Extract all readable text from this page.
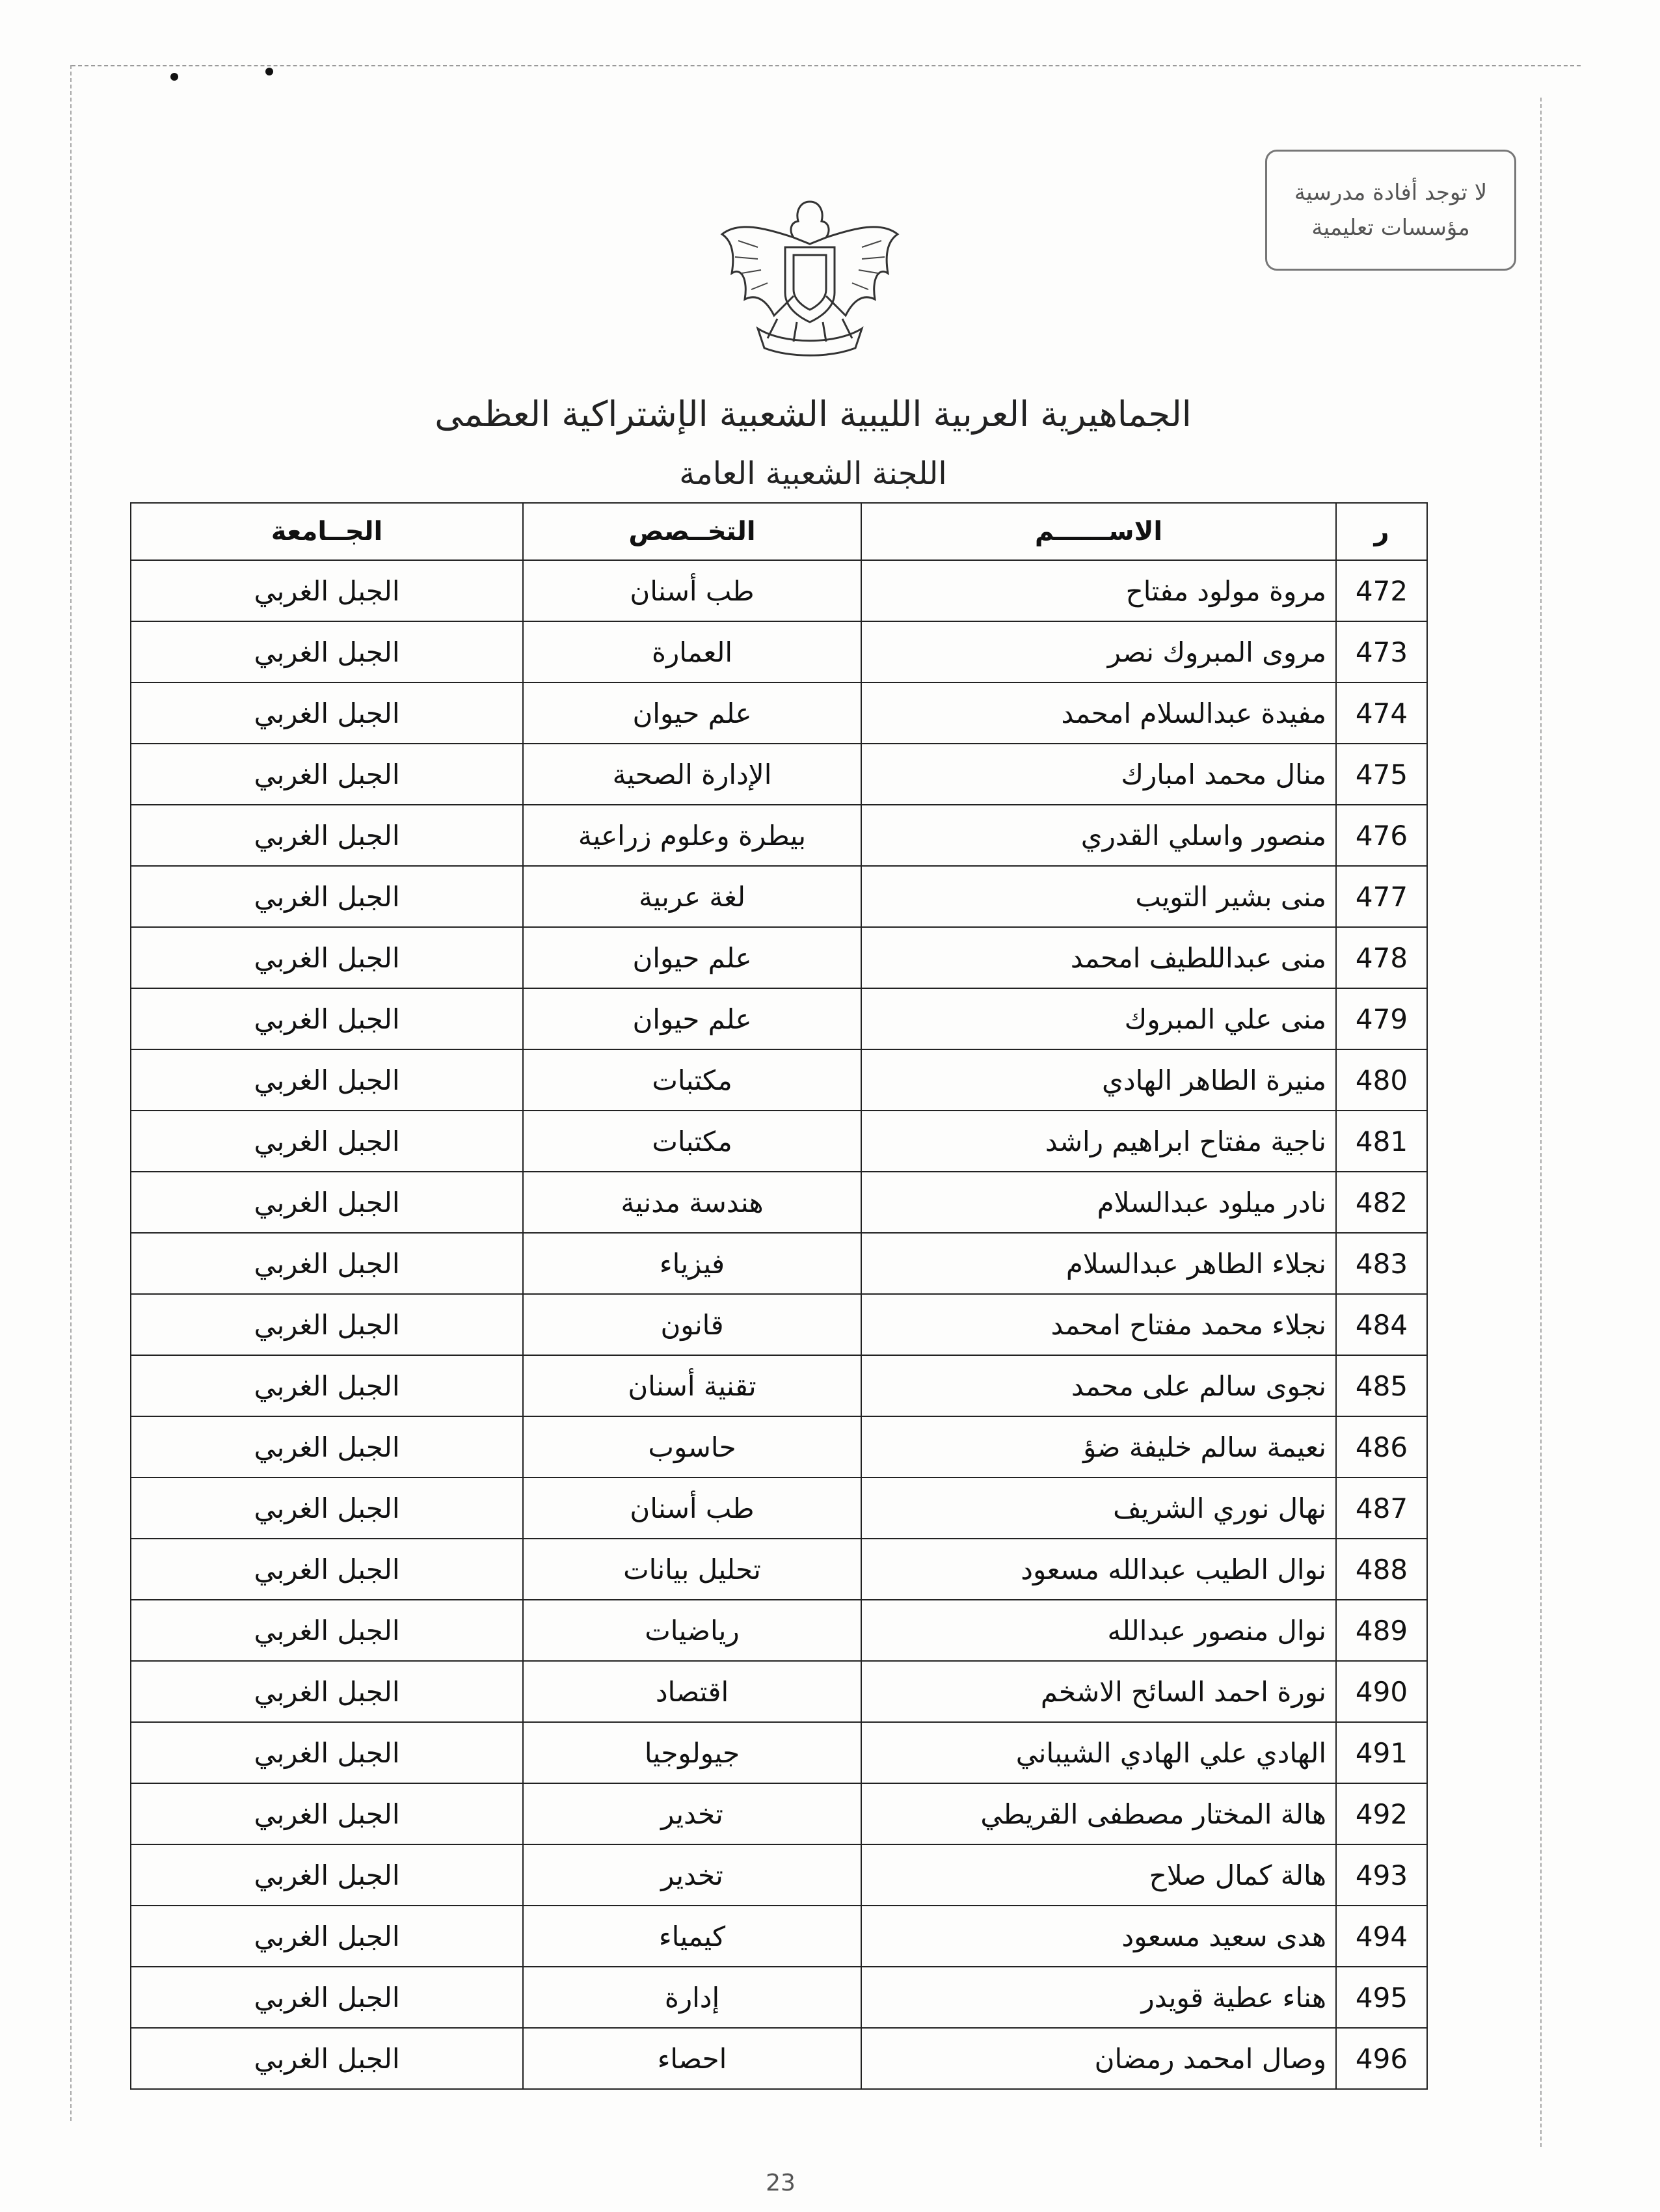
لا توجد أفادة مدرسية
مؤسسات تعليمية
الجماهيرية العربية الليبية الشعبية الإشتراكية العظمى
اللجنة الشعبية العامة
ر	الاســــــم	التخــصص	الجــامعة
472	مروة مولود مفتاح	طب أسنان	الجبل الغربي
473	مروى المبروك نصر	العمارة	الجبل الغربي
474	مفيدة عبدالسلام امحمد	علم حيوان	الجبل الغربي
475	منال محمد امبارك	الإدارة الصحية	الجبل الغربي
476	منصور واسلي القدري	بيطرة وعلوم زراعية	الجبل الغربي
477	منى بشير التويب	لغة عربية	الجبل الغربي
478	منى عبداللطيف امحمد	علم حيوان	الجبل الغربي
479	منى علي المبروك	علم حيوان	الجبل الغربي
480	منيرة الطاهر الهادي	مكتبات	الجبل الغربي
481	ناجية مفتاح ابراهيم راشد	مكتبات	الجبل الغربي
482	نادر ميلود عبدالسلام	هندسة مدنية	الجبل الغربي
483	نجلاء الطاهر عبدالسلام	فيزياء	الجبل الغربي
484	نجلاء محمد مفتاح امحمد	قانون	الجبل الغربي
485	نجوى سالم على محمد	تقنية أسنان	الجبل الغربي
486	نعيمة سالم خليفة ضؤ	حاسوب	الجبل الغربي
487	نهال نوري الشريف	طب أسنان	الجبل الغربي
488	نوال الطيب عبدالله مسعود	تحليل بيانات	الجبل الغربي
489	نوال منصور عبدالله	رياضيات	الجبل الغربي
490	نورة احمد السائح الاشخم	اقتصاد	الجبل الغربي
491	الهادي علي الهادي الشيباني	جيولوجيا	الجبل الغربي
492	هالة المختار مصطفى القريطي	تخدير	الجبل الغربي
493	هالة كمال صلاح	تخدير	الجبل الغربي
494	هدى سعيد مسعود	كيمياء	الجبل الغربي
495	هناء عطية قويدر	إدارة	الجبل الغربي
496	وصال امحمد رمضان	احصاء	الجبل الغربي
23
